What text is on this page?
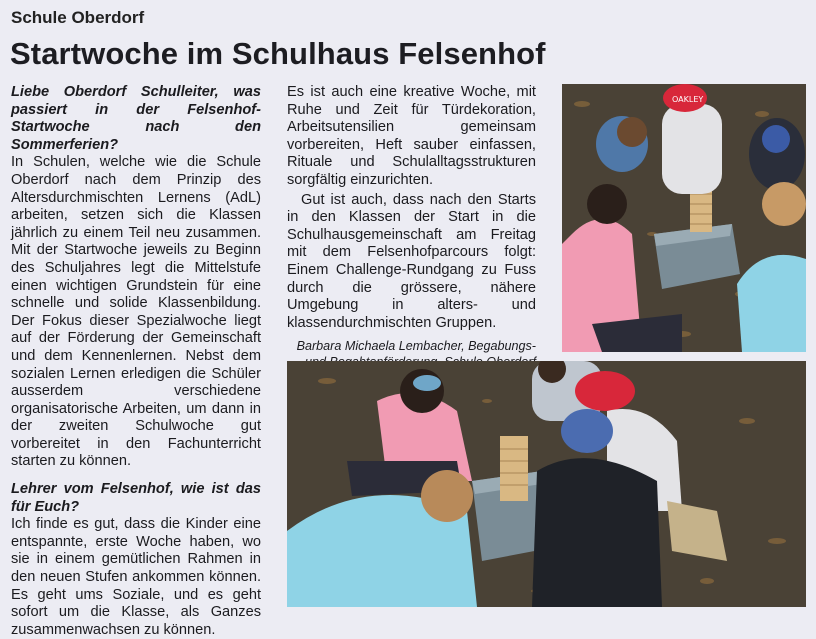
Schule Oberdorf
Startwoche im Schulhaus Felsenhof

Liebe Oberdorf Schulleiter, was passiert in der Felsenhof-Startwoche nach den Sommerferien?

In Schulen, welche wie die Schule Oberdorf nach dem Prinzip des Altersdurchmischten Lernens (AdL) arbeiten, setzen sich die Klassen jährlich zu einem Teil neu zusammen. Mit der Startwoche jeweils zu Beginn des Schuljahres legt die Mittelstufe einen wichtigen Grundstein für eine schnelle und solide Klassenbildung. Der Fokus dieser Spezialwoche liegt auf der Förderung der Gemeinschaft und dem Kennenlernen. Nebst dem sozialen Lernen erledigen die Schüler ausserdem verschiedene organisatorische Arbeiten, um dann in der zweiten Schulwoche gut vorbereitet in den Fachunterricht starten zu können.

Lehrer vom Felsenhof, wie ist das für Euch?

Ich finde es gut, dass die Kinder eine entspannte, erste Woche haben, wo sie in einem gemütlichen Rahmen in den neuen Stufen ankommen können. Es geht ums Soziale, und es geht sofort um die Klasse, als Ganzes zusammenwachsen zu können.

Es ist auch eine kreative Woche, mit Ruhe und Zeit für Türdekoration, Arbeitsutensilien gemeinsam vorbereiten, Heft sauber einfassen, Rituale und Schulalltagsstrukturen sorgfältig einzurichten.

Gut ist auch, dass nach den Starts in den Klassen der Start in die Schulhausgemeinschaft am Freitag mit dem Felsenhofparcours folgt: Einem Challenge-Rundgang zu Fuss durch die grössere, nähere Umgebung in alters- und klassendurchmischten Gruppen.

Barbara Michaela Lembacher, Begabungs-
OAKLEY
